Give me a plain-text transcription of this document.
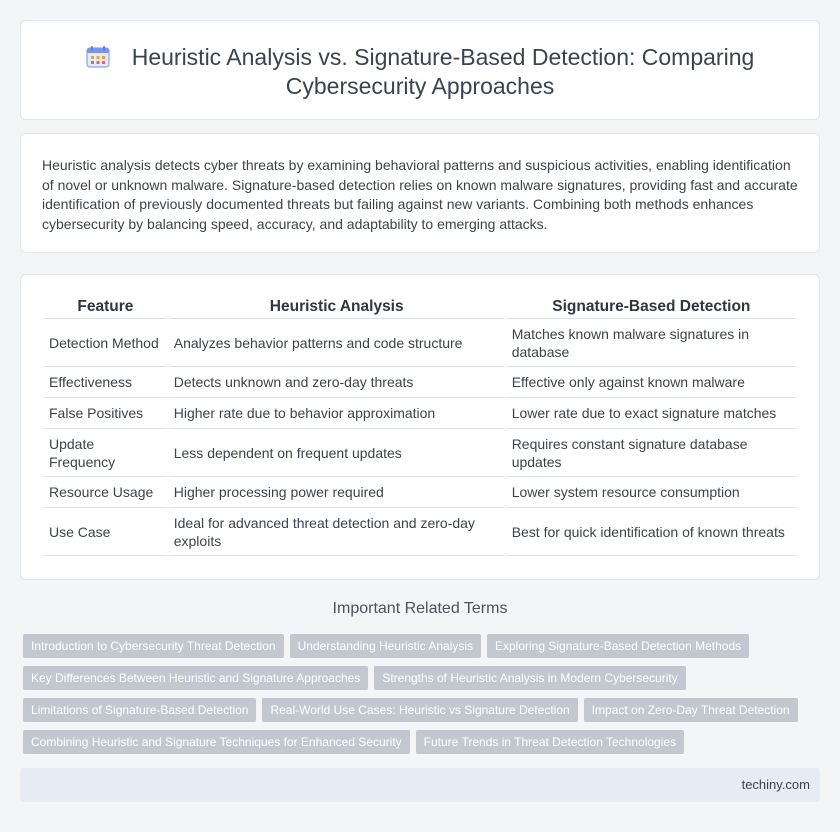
Heuristic Analysis vs. Signature-Based Detection: Comparing Cybersecurity Approaches

Heuristic analysis detects cyber threats by examining behavioral patterns and suspicious activities, enabling identification of novel or unknown malware. Signature-based detection relies on known malware signatures, providing fast and accurate identification of previously documented threats but failing against new variants. Combining both methods enhances cybersecurity by balancing speed, accuracy, and adaptability to emerging attacks.

Feature	Heuristic Analysis	Signature-Based Detection
Detection Method	Analyzes behavior patterns and code structure	Matches known malware signatures in database
Effectiveness	Detects unknown and zero-day threats	Effective only against known malware
False Positives	Higher rate due to behavior approximation	Lower rate due to exact signature matches
Update Frequency	Less dependent on frequent updates	Requires constant signature database updates
Resource Usage	Higher processing power required	Lower system resource consumption
Use Case	Ideal for advanced threat detection and zero-day exploits	Best for quick identification of known threats
Important Related Terms
Introduction to Cybersecurity Threat Detection Understanding Heuristic Analysis Exploring Signature-Based Detection Methods
Key Differences Between Heuristic and Signature Approaches Strengths of Heuristic Analysis in Modern Cybersecurity
Limitations of Signature-Based Detection Real-World Use Cases: Heuristic vs Signature Detection Impact on Zero-Day Threat Detection
Combining Heuristic and Signature Techniques for Enhanced Security Future Trends in Threat Detection Technologies
techiny.com
